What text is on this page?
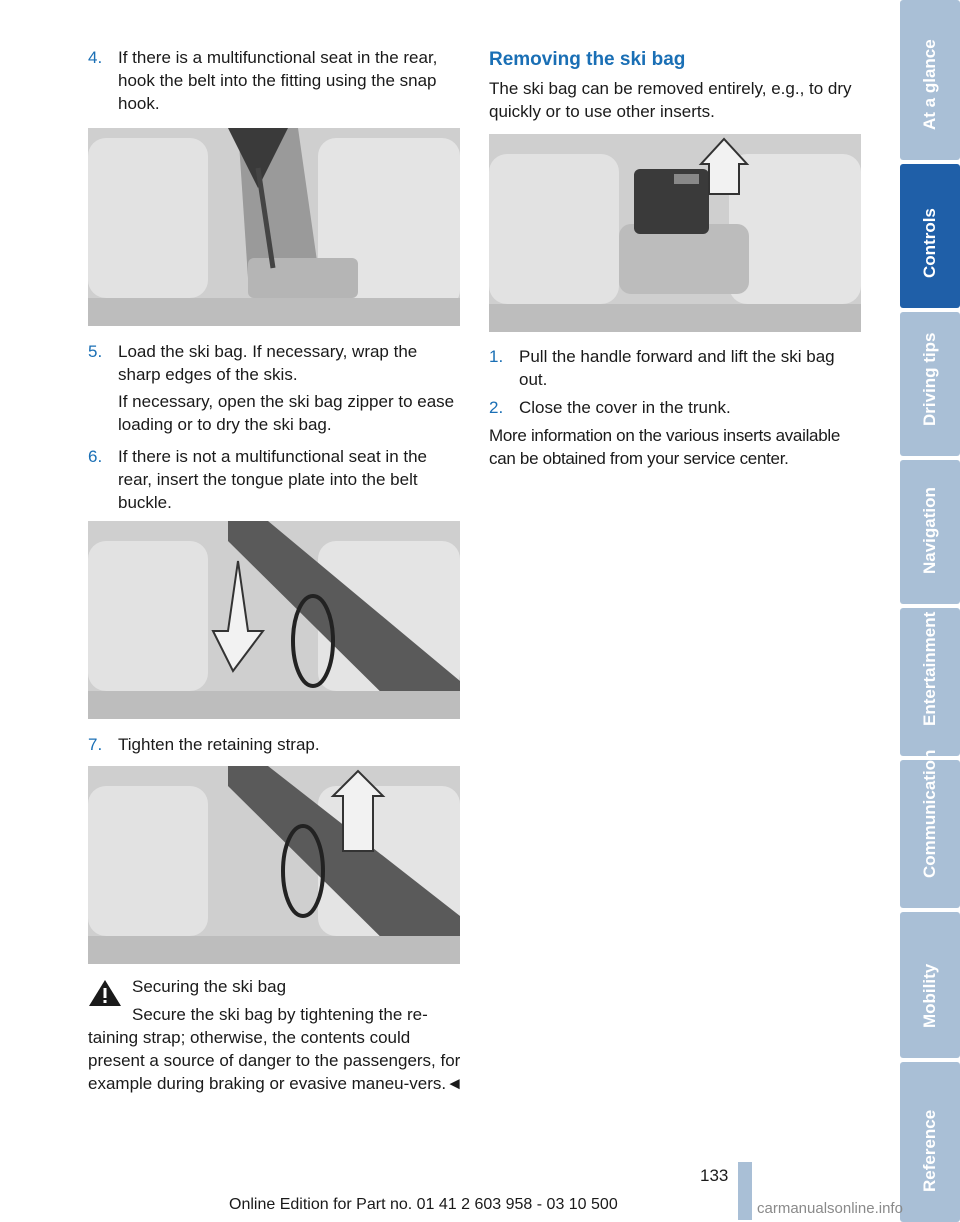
4. If there is a multifunctional seat in the rear, hook the belt into the fitting using the snap hook.
5. Load the ski bag. If necessary, wrap the sharp edges of the skis.
If necessary, open the ski bag zipper to ease loading or to dry the ski bag.
6. If there is not a multifunctional seat in the rear, insert the tongue plate into the belt buckle.
7. Tighten the retaining strap.
Securing the ski bag
Secure the ski bag by tightening the re‐taining strap; otherwise, the contents could present a source of danger to the passengers, for example during braking or evasive maneu‐vers.◄
Removing the ski bag
The ski bag can be removed entirely, e.g., to dry quickly or to use other inserts.
1. Pull the handle forward and lift the ski bag out.
2. Close the cover in the trunk.
More information on the various inserts available can be obtained from your service center.
At a glance
Controls
Driving tips
Navigation
Entertainment
Communication
Mobility
Reference
133
Online Edition for Part no. 01 41 2 603 958 - 03 10 500	carmanualsonline.info
